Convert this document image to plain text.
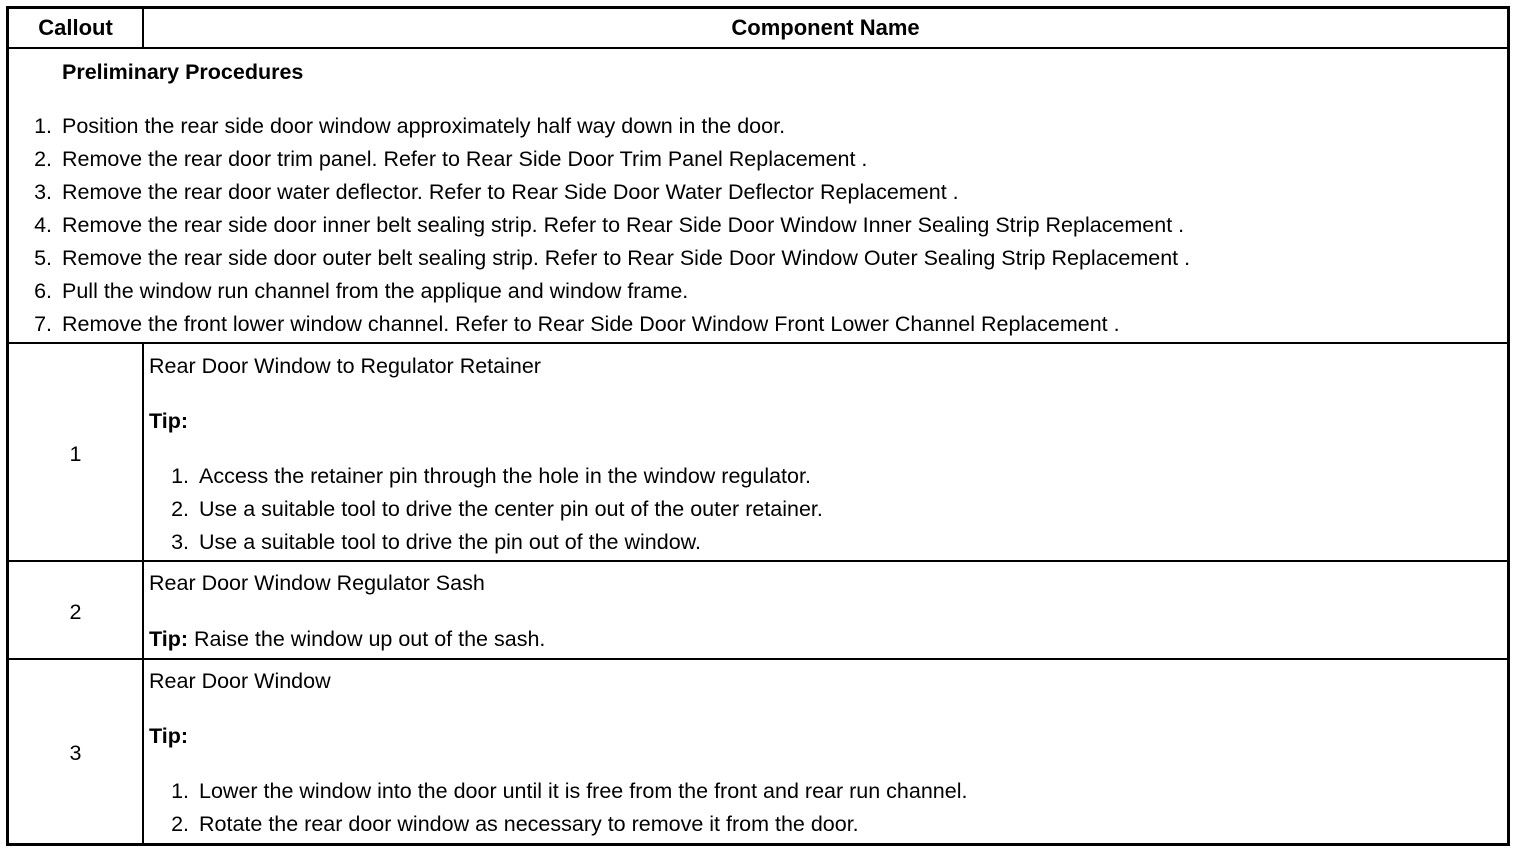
Callout	Component Name
Preliminary Procedures
1. Position the rear side door window approximately half way down in the door.
2. Remove the rear door trim panel. Refer to Rear Side Door Trim Panel Replacement .
3. Remove the rear door water deflector. Refer to Rear Side Door Water Deflector Replacement .
4. Remove the rear side door inner belt sealing strip. Refer to Rear Side Door Window Inner Sealing Strip Replacement .
5. Remove the rear side door outer belt sealing strip. Refer to Rear Side Door Window Outer Sealing Strip Replacement .
6. Pull the window run channel from the applique and window frame.
7. Remove the front lower window channel. Refer to Rear Side Door Window Front Lower Channel Replacement .
1
Rear Door Window to Regulator Retainer
Tip:
1. Access the retainer pin through the hole in the window regulator.
2. Use a suitable tool to drive the center pin out of the outer retainer.
3. Use a suitable tool to drive the pin out of the window.
2
Rear Door Window Regulator Sash
Tip: Raise the window up out of the sash.
3
Rear Door Window
Tip:
1. Lower the window into the door until it is free from the front and rear run channel.
2. Rotate the rear door window as necessary to remove it from the door.
